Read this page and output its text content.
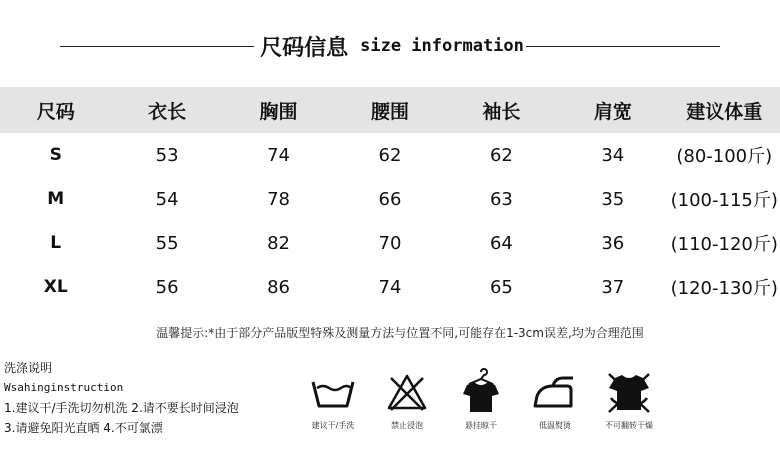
尺码信息 size information
尺码	衣长	胸围	腰围	袖长	肩宽	建议体重
S	53	74	62	62	34	(80-100斤)
M	54	78	66	63	35	(100-115斤)
L	55	82	70	64	36	(110-120斤)
XL	56	86	74	65	37	(120-130斤)
温馨提示:*由于部分产品版型特殊及测量方法与位置不同,可能存在1-3cm误差,均为合理范围
洗涤说明
Wsahinginstruction
1.建议干/手洗切勿机洗 2.请不要长时间浸泡
3.请避免阳光直晒 4.不可氯漂	建议干/手洗	禁止浸泡	悬挂晾干	低温熨烫	不可翻转干燥
